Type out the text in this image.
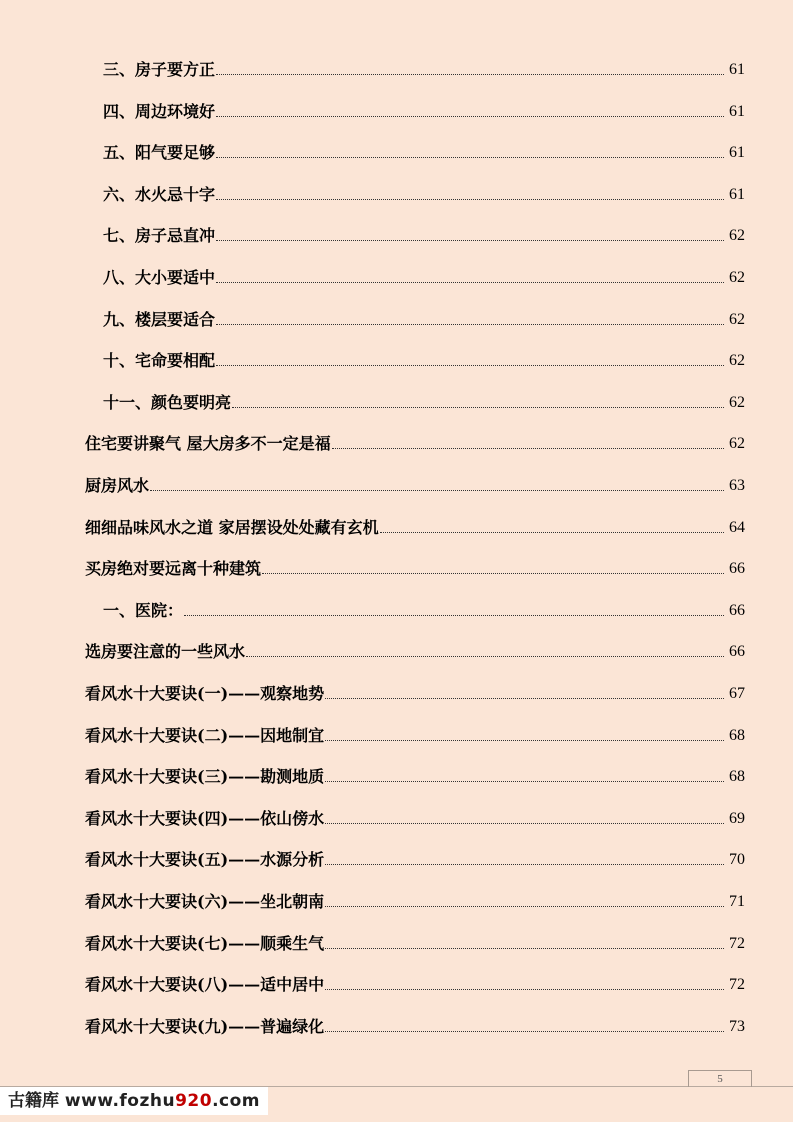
三、房子要方正	61
四、周边环境好	61
五、阳气要足够	61
六、水火忌十字	61
七、房子忌直冲	62
八、大小要适中	62
九、楼层要适合	62
十、宅命要相配	62
十一、颜色要明亮	62
住宅要讲聚气 屋大房多不一定是福	62
厨房风水	63
细细品味风水之道 家居摆设处处藏有玄机	64
买房绝对要远离十种建筑	66
一、医院：	66
选房要注意的一些风水	66
看风水十大要诀(一)——观察地势	67
看风水十大要诀(二)——因地制宜	68
看风水十大要诀(三)——勘测地质	68
看风水十大要诀(四)——依山傍水	69
看风水十大要诀(五)——水源分析	70
看风水十大要诀(六)——坐北朝南	71
看风水十大要诀(七)——顺乘生气	72
看风水十大要诀(八)——适中居中	72
看风水十大要诀(九)——普遍绿化	73
5
古籍库 www.fozhu920.com
